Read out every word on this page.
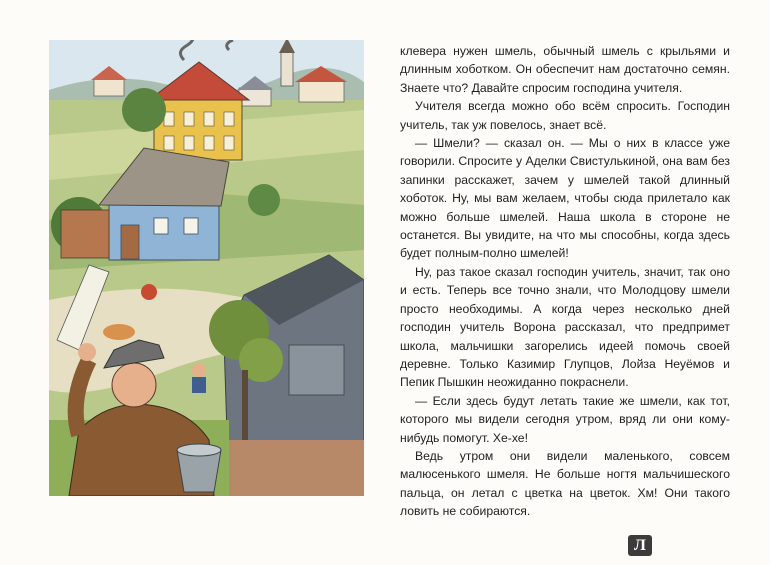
клевера нужен шмель, обычный шмель с крыльями и длинным хоботком. Он обеспечит нам достаточно семян. Знаете что? Давайте спросим господина учителя.

Учителя всегда можно обо всём спросить. Господин учитель, так уж повелось, знает всё.

— Шмели? — сказал он. — Мы о них в классе уже говорили. Спросите у Аделки Свистулькиной, она вам без запинки расскажет, зачем у шмелей такой длинный хоботок. Ну, мы вам желаем, чтобы сюда прилетало как можно больше шмелей. Наша школа в стороне не останется. Вы увидите, на что мы способны, когда здесь будет полным-полно шмелей!

Ну, раз такое сказал господин учитель, значит, так оно и есть. Теперь все точно знали, что Молодцову шмели просто необходимы. А когда через несколько дней господин учитель Ворона рассказал, что предпримет школа, мальчишки загорелись идеей помочь своей деревне. Только Казимир Глупцов, Лойза Неуёмов и Пепик Пышкин неожиданно покраснели.

— Если здесь будут летать такие же шмели, как тот, которого мы видели сегодня утром, вряд ли они кому-нибудь помогут. Хе-хе!

Ведь утром они видели маленького, совсем малюсенького шмеля. Не больше ногтя мальчишеского пальца, он летал с цветка на цветок. Хм! Они такого ловить не собираются.

Л
